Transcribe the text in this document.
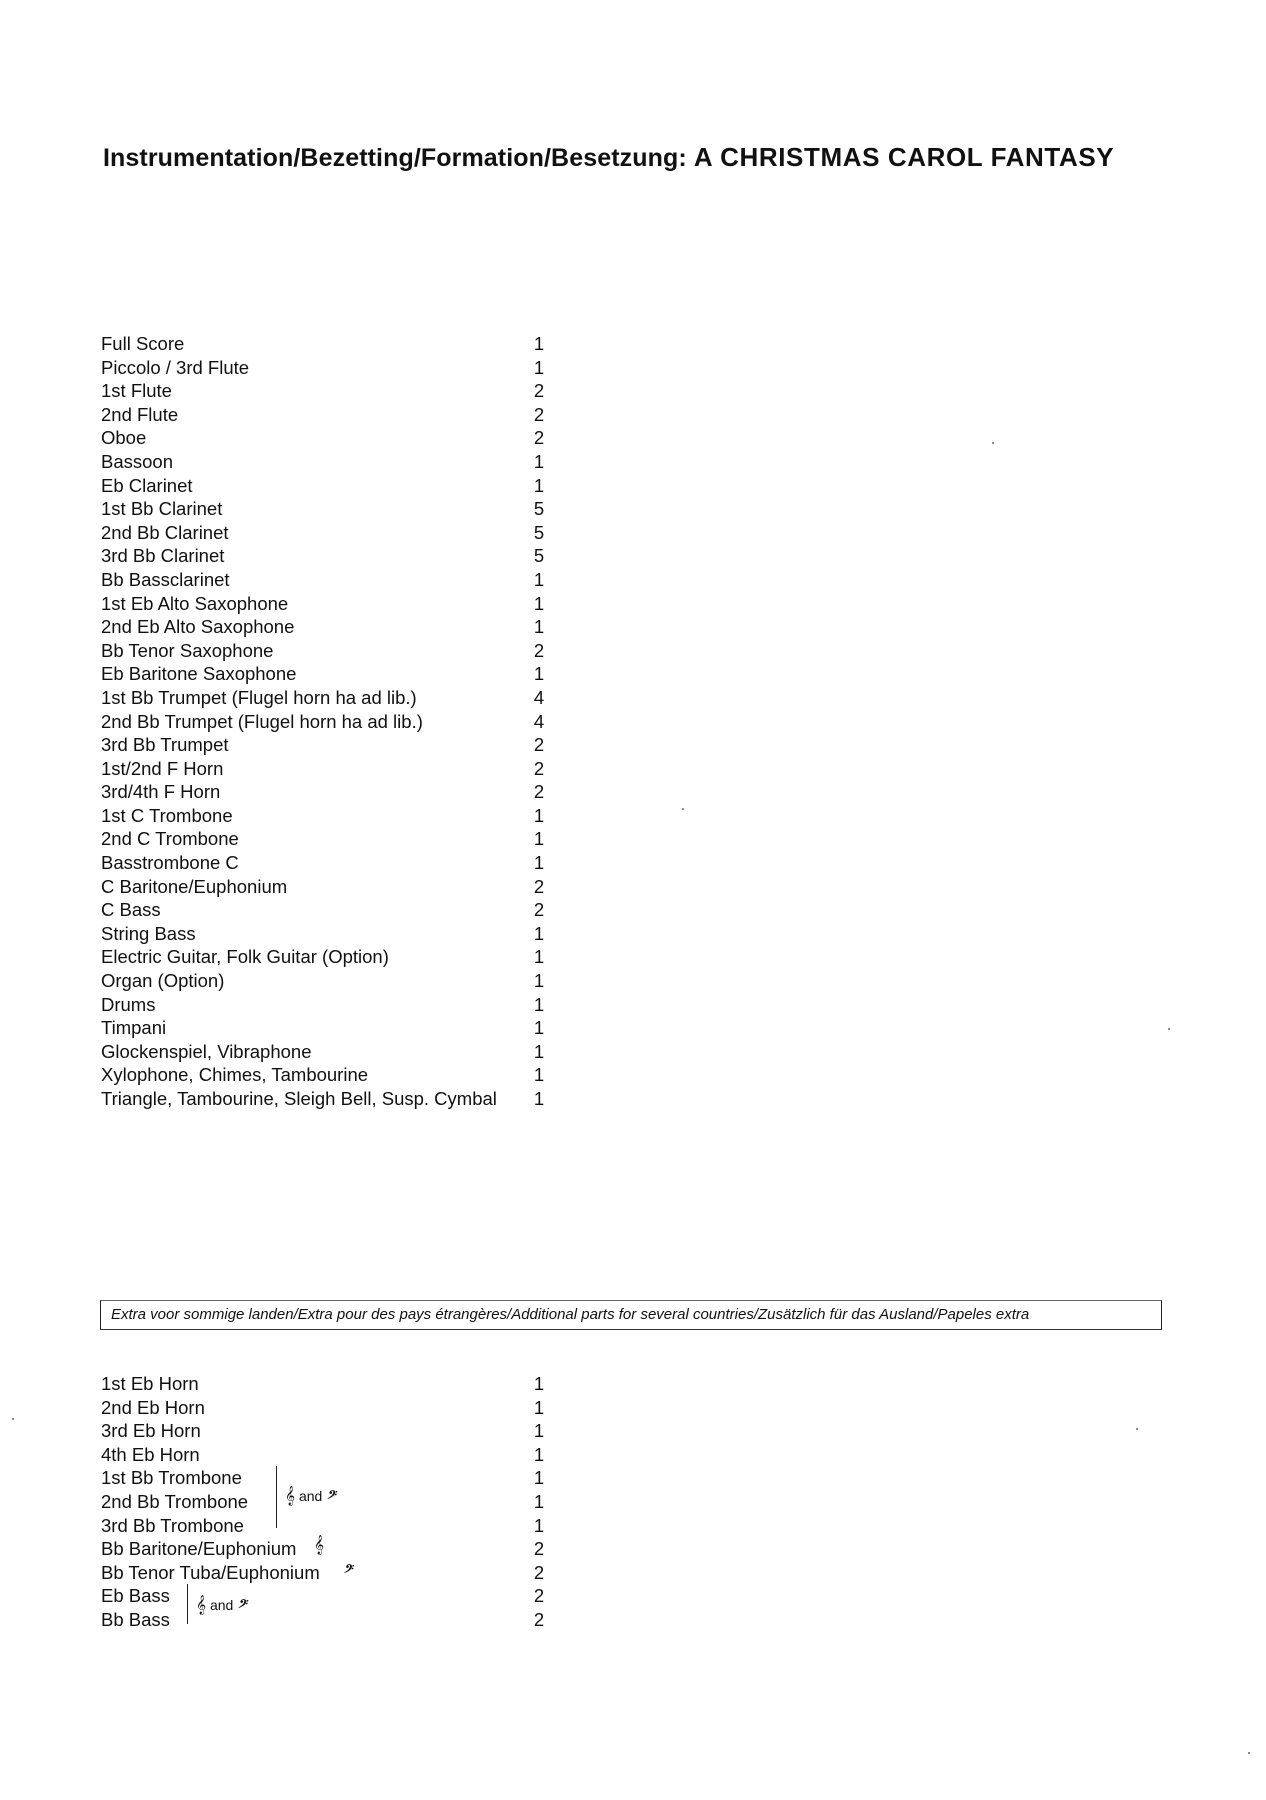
Instrumentation/Bezetting/Formation/Besetzung: A CHRISTMAS CAROL FANTASY
Full Score	1
Piccolo / 3rd Flute	1
1st Flute	2
2nd Flute	2
Oboe	2
Bassoon	1
Eb Clarinet	1
1st Bb Clarinet	5
2nd Bb Clarinet	5
3rd Bb Clarinet	5
Bb Bassclarinet	1
1st Eb Alto Saxophone	1
2nd Eb Alto Saxophone	1
Bb Tenor Saxophone	2
Eb Baritone Saxophone	1
1st Bb Trumpet (Flugel horn ha ad lib.)	4
2nd Bb Trumpet (Flugel horn ha ad lib.)	4
3rd Bb Trumpet	2
1st/2nd F Horn	2
3rd/4th F Horn	2
1st C Trombone	1
2nd C Trombone	1
Basstrombone C	1
C Baritone/Euphonium	2
C Bass	2
String Bass	1
Electric Guitar, Folk Guitar (Option)	1
Organ (Option)	1
Drums	1
Timpani	1
Glockenspiel, Vibraphone	1
Xylophone, Chimes, Tambourine	1
Triangle, Tambourine, Sleigh Bell, Susp. Cymbal 1
Extra voor sommige landen/Extra pour des pays étrangères/Additional parts for several countries/Zusätzlich für das Ausland/Papeles extra
1st Eb Horn	1
2nd Eb Horn	1
3rd Eb Horn	1
4th Eb Horn	1
1st Bb Trombone	1
2nd Bb Trombone	1
3rd Bb Trombone	1
Bb Baritone/Euphonium	2
Bb Tenor Tuba/Euphonium	2
Eb Bass	2
Bb Bass	2
𝄞 and 𝄢
𝄞
𝄢
𝄞 and 𝄢
